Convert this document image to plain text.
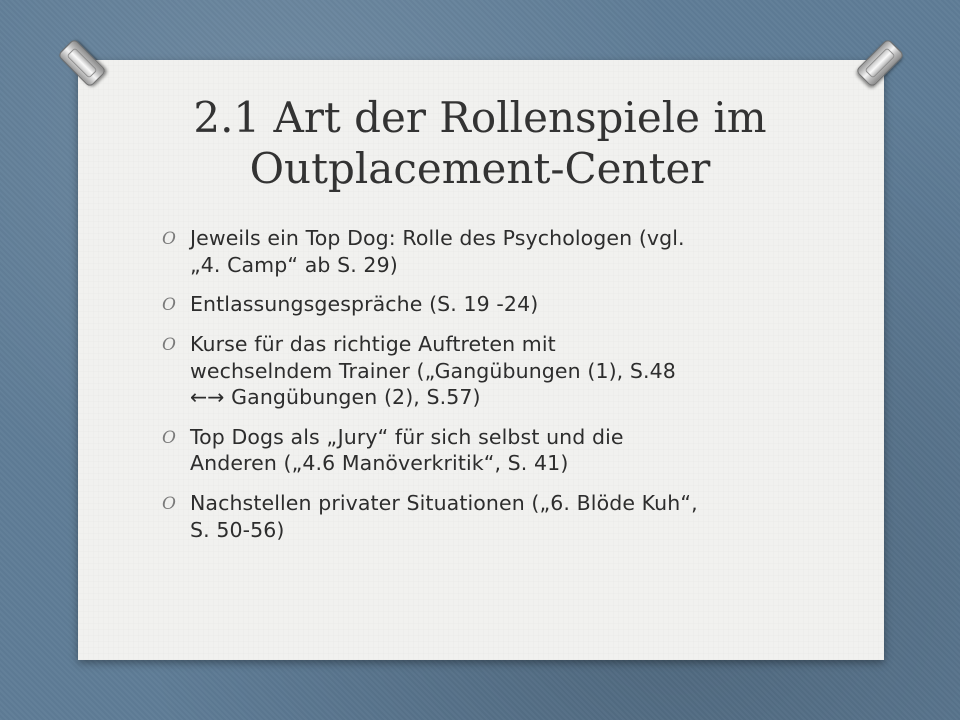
2.1 Art der Rollenspiele im
Outplacement-Center
O Jeweils ein Top Dog: Rolle des Psychologen (vgl.
„4. Camp“ ab S. 29)
O Entlassungsgespräche (S. 19 -24)
O Kurse für das richtige Auftreten mit
wechselndem Trainer („Gangübungen (1), S.48
←→ Gangübungen (2), S.57)
O Top Dogs als „Jury“ für sich selbst und die
Anderen („4.6 Manöverkritik“, S. 41)
O Nachstellen privater Situationen („6. Blöde Kuh“,
S. 50-56)
